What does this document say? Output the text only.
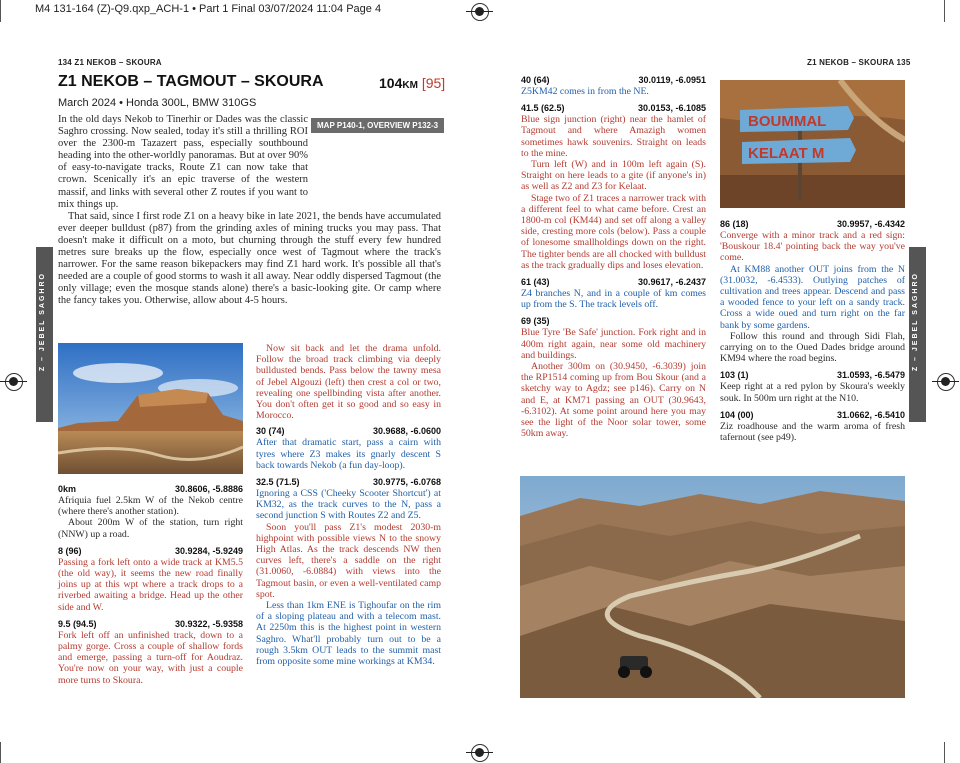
M4 131-164 (Z)-Q9.qxp_ACH-1 • Part 1 Final 03/07/2024 11:04 Page 4
134 Z1 NEKOB – SKOURA
Z – JEBEL SAGHRO
Z1 NEKOB – TAGMOUT – SKOURA	104KM [95]
March 2024 • Honda 300L, BMW 310GS
MAP P140-1, OVERVIEW P132-3

In the old days Nekob to Tinerhir or Dades was the classic Saghro crossing. Now sealed, today it's still a thrilling ROI over the 2300-m Tazazert pass, especially southbound heading into the other-worldly panoramas. But at over 90% of easy-to-navigate tracks, Route Z1 can now take that crown. Scenically it's an epic traverse of the western massif, and links with several other Z routes if you want to mix things up.

That said, since I first rode Z1 on a heavy bike in late 2021, the bends have accumulated ever deeper bulldust (p87) from the grinding axles of mining trucks you may pass. That doesn't make it difficult on a moto, but churning through the stuff every few hundred metres sure breaks up the flow, especially once west of Tagmout where the track's narrower. For the same reason bikepackers may find Z1 hard work. It's possible all that's needed are a couple of good storms to wash it all away. Near oddly dispersed Tagmout (the only village; even the mosque stands alone) there's a basic-looking gite. Or camp where the fancy takes you. Otherwise, allow about 4-5 hours.

0km	30.8606, -5.8886

Afriquia fuel 2.5km W of the Nekob centre (where there's another station).

About 200m W of the station, turn right (NNW) up a road.

8 (96)	30.9284, -5.9249

Passing a fork left onto a wide track at KM5.5 (the old way), it seems the new road finally joins up at this wpt where a track drops to a riverbed awaiting a bridge. Head up the other side and W.

9.5 (94.5)	30.9322, -5.9358

Fork left off an unfinished track, down to a palmy gorge. Cross a couple of shallow fords and emerge, passing a turn-off for Aoudraz. You're now on your way, with just a couple more turns to Skoura.

Now sit back and let the drama unfold. Follow the broad track climbing via deeply bulldusted bends. Pass below the tawny mesa of Jebel Algouzi (left) then crest a col or two, revealing one spellbinding vista after another. You don't often get it so good and so easy in Morocco.

30 (74)	30.9688, -6.0600

After that dramatic start, pass a cairn with tyres where Z3 makes its gnarly descent S back towards Nekob (a fun day-loop).

32.5 (71.5)	30.9775, -6.0768

Ignoring a CSS ('Cheeky Scooter Shortcut') at KM32, as the track curves to the N, pass a second junction S with Routes Z2 and Z5.

Soon you'll pass Z1's modest 2030-m highpoint with possible views N to the snowy High Atlas. As the track descends NW then curves left, there's a saddle on the right (31.0060, -6.0884) with views into the Tagmout basin, or even a well-ventilated camp spot.

Less than 1km ENE is Tighoufar on the rim of a sloping plateau and with a telecom mast. At 2250m this is the highest point in western Saghro. What'll probably turn out to be a rough 3.5km OUT leads to the summit mast from opposite some mine workings at KM34.

Z1 NEKOB – SKOURA 135
Z – JEBEL SAGHRO
40 (64)	30.0119, -6.0951

Z5KM42 comes in from the NE.

41.5 (62.5)	30.0153, -6.1085

Blue sign junction (right) near the hamlet of Tagmout and where Amazigh women sometimes hawk souvenirs. Straight on leads to the mine.

Turn left (W) and in 100m left again (S). Straight on here leads to a gite (if anyone's in) as well as Z2 and Z3 for Kelaat.

Stage two of Z1 traces a narrower track with a different feel to what came before. Crest an 1800-m col (KM44) and set off along a valley side, cresting more cols (below). Pass a couple of lonesome smallholdings down on the right. The tighter bends are all chocked with bulldust as the track gradually dips and loses elevation.

61 (43)	30.9617, -6.2437

Z4 branches N, and in a couple of km comes up from the S. The track levels off.

69 (35)

Blue Tyre 'Be Safe' junction. Fork right and in 400m right again, near some old machinery and buildings.

Another 300m on (30.9450, -6.3039) join the RP1514 coming up from Bou Skour (and a sketchy way to Agdz; see p146). Carry on N and E, at KM71 passing an OUT (30.9643, -6.3102). At some point around here you may see the light of the Noor solar tower, some 50km away.

BOUMMAL
KELAAT M
86 (18)	30.9957, -6.4342

Converge with a minor track and a red sign: 'Bouskour 18.4' pointing back the way you've come.

At KM88 another OUT joins from the N (31.0032, -6.4533). Outlying patches of cultivation and trees appear. Descend and pass a wooded fence to your left on a sandy track. Cross a wide oued and turn right on the far bank by some gardens.

Follow this round and through Sidi Flah, carrying on to the Oued Dades bridge around KM94 where the road begins.

103 (1)	31.0593, -6.5479

Keep right at a red pylon by Skoura's weekly souk. In 500m urn right at the N10.

104 (00)	31.0662, -6.5410

Ziz roadhouse and the warm aroma of fresh tafernout (see p49).
